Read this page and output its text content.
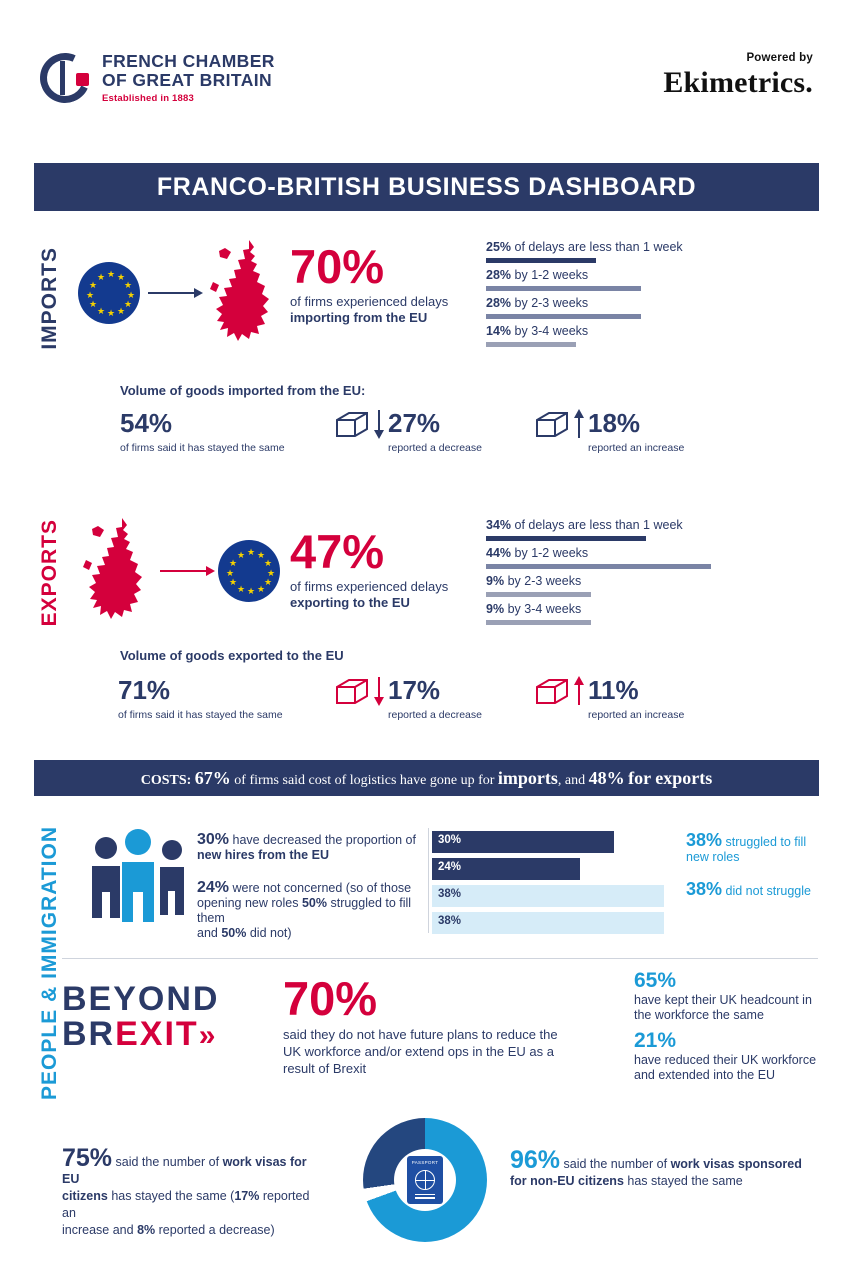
FRENCH CHAMBER
OF GREAT BRITAIN
Established in 1883
Powered by
Ekimetrics.
FRANCO-BRITISH BUSINESS DASHBOARD
IMPORTS
EXPORTS
PEOPLE & IMMIGRATION
★ ★
★
★
★
★
★
★
★
★
★
★	70%
of firms experienced delays
importing from the EU
25% of delays are less than 1 week
28% by 1-2 weeks
28% by 2-3 weeks
14% by 3-4 weeks
Volume of goods imported from the EU:
54%
of firms said it has stayed the same
27%
reported a decrease
18%
reported an increase
★ ★
★
★
★
★
★
★
★
★
★
★ 47%
of firms experienced delays
exporting to the EU
34% of delays are less than 1 week
44% by 1-2 weeks
9% by 2-3 weeks
9% by 3-4 weeks
Volume of goods exported to the EU
71%
of firms said it has stayed the same
17%
reported a decrease
11%
reported an increase
COSTS: 67% of firms said cost of logistics have gone up for imports, and 48% for exports
30% have decreased the proportion of
new hires from the EU
24% were not concerned (so of those
opening new roles 50% struggled to fill them
and 50% did not)
30%
24%
38%
38%
38% struggled to fill
new roles
38% did not struggle
BEYOND
BREXIT»
70%
said they do not have future plans to reduce the
UK workforce and/or extend ops in the EU as a
result of Brexit
65%
have kept their UK headcount in
the workforce the same
21%
have reduced their UK workforce
and extended into the EU
75% said the number of work visas for EU
citizens has stayed the same (17% reported an
increase and 8% reported a decrease)
PASSPORT	96% said the number of work visas sponsored
for non-EU citizens has stayed the same
